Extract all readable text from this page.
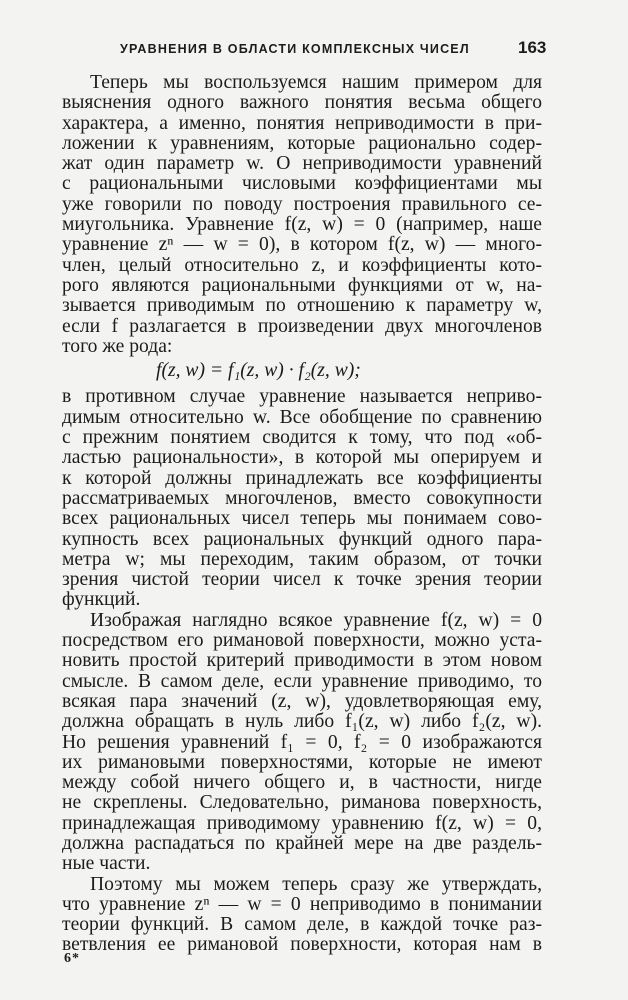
УРАВНЕНИЯ В ОБЛАСТИ КОМПЛЕКСНЫХ ЧИСЕЛ	163
Теперь мы воспользуемся нашим примером для
выяснения одного важного понятия весьма общего
характера, а именно, понятия неприводимости в при-
ложении к уравнениям, которые рационально содер-
жат один параметр w. О неприводимости уравнений
с рациональными числовыми коэффициентами мы
уже говорили по поводу построения правильного се-
миугольника. Уравнение f(z, w) = 0 (например, наше
уравнение zⁿ — w = 0), в котором f(z, w) — много-
член, целый относительно z, и коэффициенты кото-
рого являются рациональными функциями от w, на-
зывается приводимым по отношению к параметру w,
если f разлагается в произведении двух многочленов
того же рода:
f(z, w) = f₁(z, w) · f₂(z, w);
в противном случае уравнение называется неприво-
димым относительно w. Все обобщение по сравнению
с прежним понятием сводится к тому, что под «об-
ластью рациональности», в которой мы оперируем и
к которой должны принадлежать все коэффициенты
рассматриваемых многочленов, вместо совокупности
всех рациональных чисел теперь мы понимаем сово-
купность всех рациональных функций одного пара-
метра w; мы переходим, таким образом, от точки
зрения чистой теории чисел к точке зрения теории
функций.
Изображая наглядно всякое уравнение f(z, w) = 0
посредством его римановой поверхности, можно уста-
новить простой критерий приводимости в этом новом
смысле. В самом деле, если уравнение приводимо, то
всякая пара значений (z, w), удовлетворяющая ему,
должна обращать в нуль либо f₁(z, w) либо f₂(z, w).
Но решения уравнений f₁ = 0, f₂ = 0 изображаются
их римановыми поверхностями, которые не имеют
между собой ничего общего и, в частности, нигде
не скреплены. Следовательно, риманова поверхность,
принадлежащая приводимому уравнению f(z, w) = 0,
должна распадаться по крайней мере на две раздель-
ные части.
Поэтому мы можем теперь сразу же утверждать,
что уравнение zⁿ — w = 0 неприводимо в понимании
теории функций. В самом деле, в каждой точке раз-
ветвления ее римановой поверхности, которая нам в
6*
